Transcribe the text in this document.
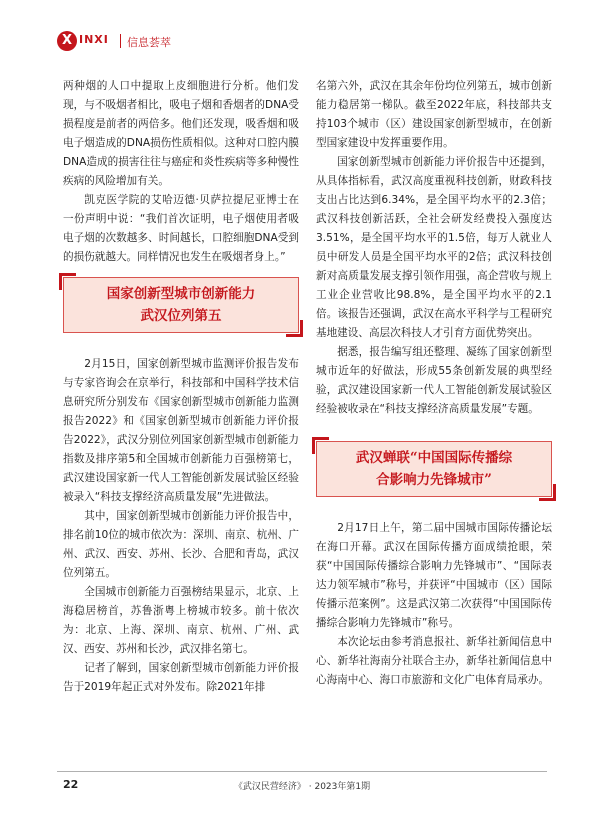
X INXI 信息荟萃

两种烟的人口中提取上皮细胞进行分析。他们发现，与不吸烟者相比，吸电子烟和香烟者的DNA受损程度是前者的两倍多。他们还发现，吸香烟和吸电子烟造成的DNA损伤性质相似。这种对口腔内膜DNA造成的损害往往与癌症和炎性疾病等多种慢性疾病的风险增加有关。

凯克医学院的艾哈迈德·贝萨拉提尼亚博士在一份声明中说：“我们首次证明，电子烟使用者吸电子烟的次数越多、时间越长，口腔细胞DNA受到的损伤就越大。同样情况也发生在吸烟者身上。”

国家创新型城市创新能力

武汉位列第五

2月15日，国家创新型城市监测评价报告发布与专家咨询会在京举行，科技部和中国科学技术信息研究所分别发布《国家创新型城市创新能力监测报告2022》和《国家创新型城市创新能力评价报告2022》，武汉分别位列国家创新型城市创新能力指数及排序第5和全国城市创新能力百强榜第七，武汉建设国家新一代人工智能创新发展试验区经验被录入“科技支撑经济高质量发展”先进做法。

其中，国家创新型城市创新能力评价报告中，排名前10位的城市依次为：深圳、南京、杭州、广州、武汉、西安、苏州、长沙、合肥和青岛，武汉位列第五。

全国城市创新能力百强榜结果显示，北京、上海稳居榜首，苏鲁浙粤上榜城市较多。前十依次为：北京、上海、深圳、南京、杭州、广州、武汉、西安、苏州和长沙，武汉排名第七。

记者了解到，国家创新型城市创新能力评价报告于2019年起正式对外发布。除2021年排

名第六外，武汉在其余年份均位列第五，城市创新能力稳居第一梯队。截至2022年底，科技部共支持103个城市（区）建设国家创新型城市，在创新型国家建设中发挥重要作用。

国家创新型城市创新能力评价报告中还提到，从具体指标看，武汉高度重视科技创新，财政科技支出占比达到6.34%，是全国平均水平的2.3倍；武汉科技创新活跃，全社会研发经费投入强度达3.51%，是全国平均水平的1.5倍，每万人就业人员中研发人员是全国平均水平的2倍；武汉科技创新对高质量发展支撑引领作用强，高企营收与规上工业企业营收比98.8%，是全国平均水平的2.1倍。该报告还强调，武汉在高水平科学与工程研究基地建设、高层次科技人才引育方面优势突出。

据悉，报告编写组还整理、凝练了国家创新型城市近年的好做法，形成55条创新发展的典型经验，武汉建设国家新一代人工智能创新发展试验区经验被收录在“科技支撑经济高质量发展”专题。

武汉蝉联“中国国际传播综

合影响力先锋城市”

2月17日上午，第二届中国城市国际传播论坛在海口开幕。武汉在国际传播方面成绩抢眼，荣获“中国国际传播综合影响力先锋城市”、“国际表达力领军城市”称号，并获评“中国城市（区）国际传播示范案例”。这是武汉第二次获得“中国国际传播综合影响力先锋城市”称号。

本次论坛由参考消息报社、新华社新闻信息中心、新华社海南分社联合主办，新华社新闻信息中心海南中心、海口市旅游和文化广电体育局承办。

22	《武汉民营经济》 · 2023年第1期
